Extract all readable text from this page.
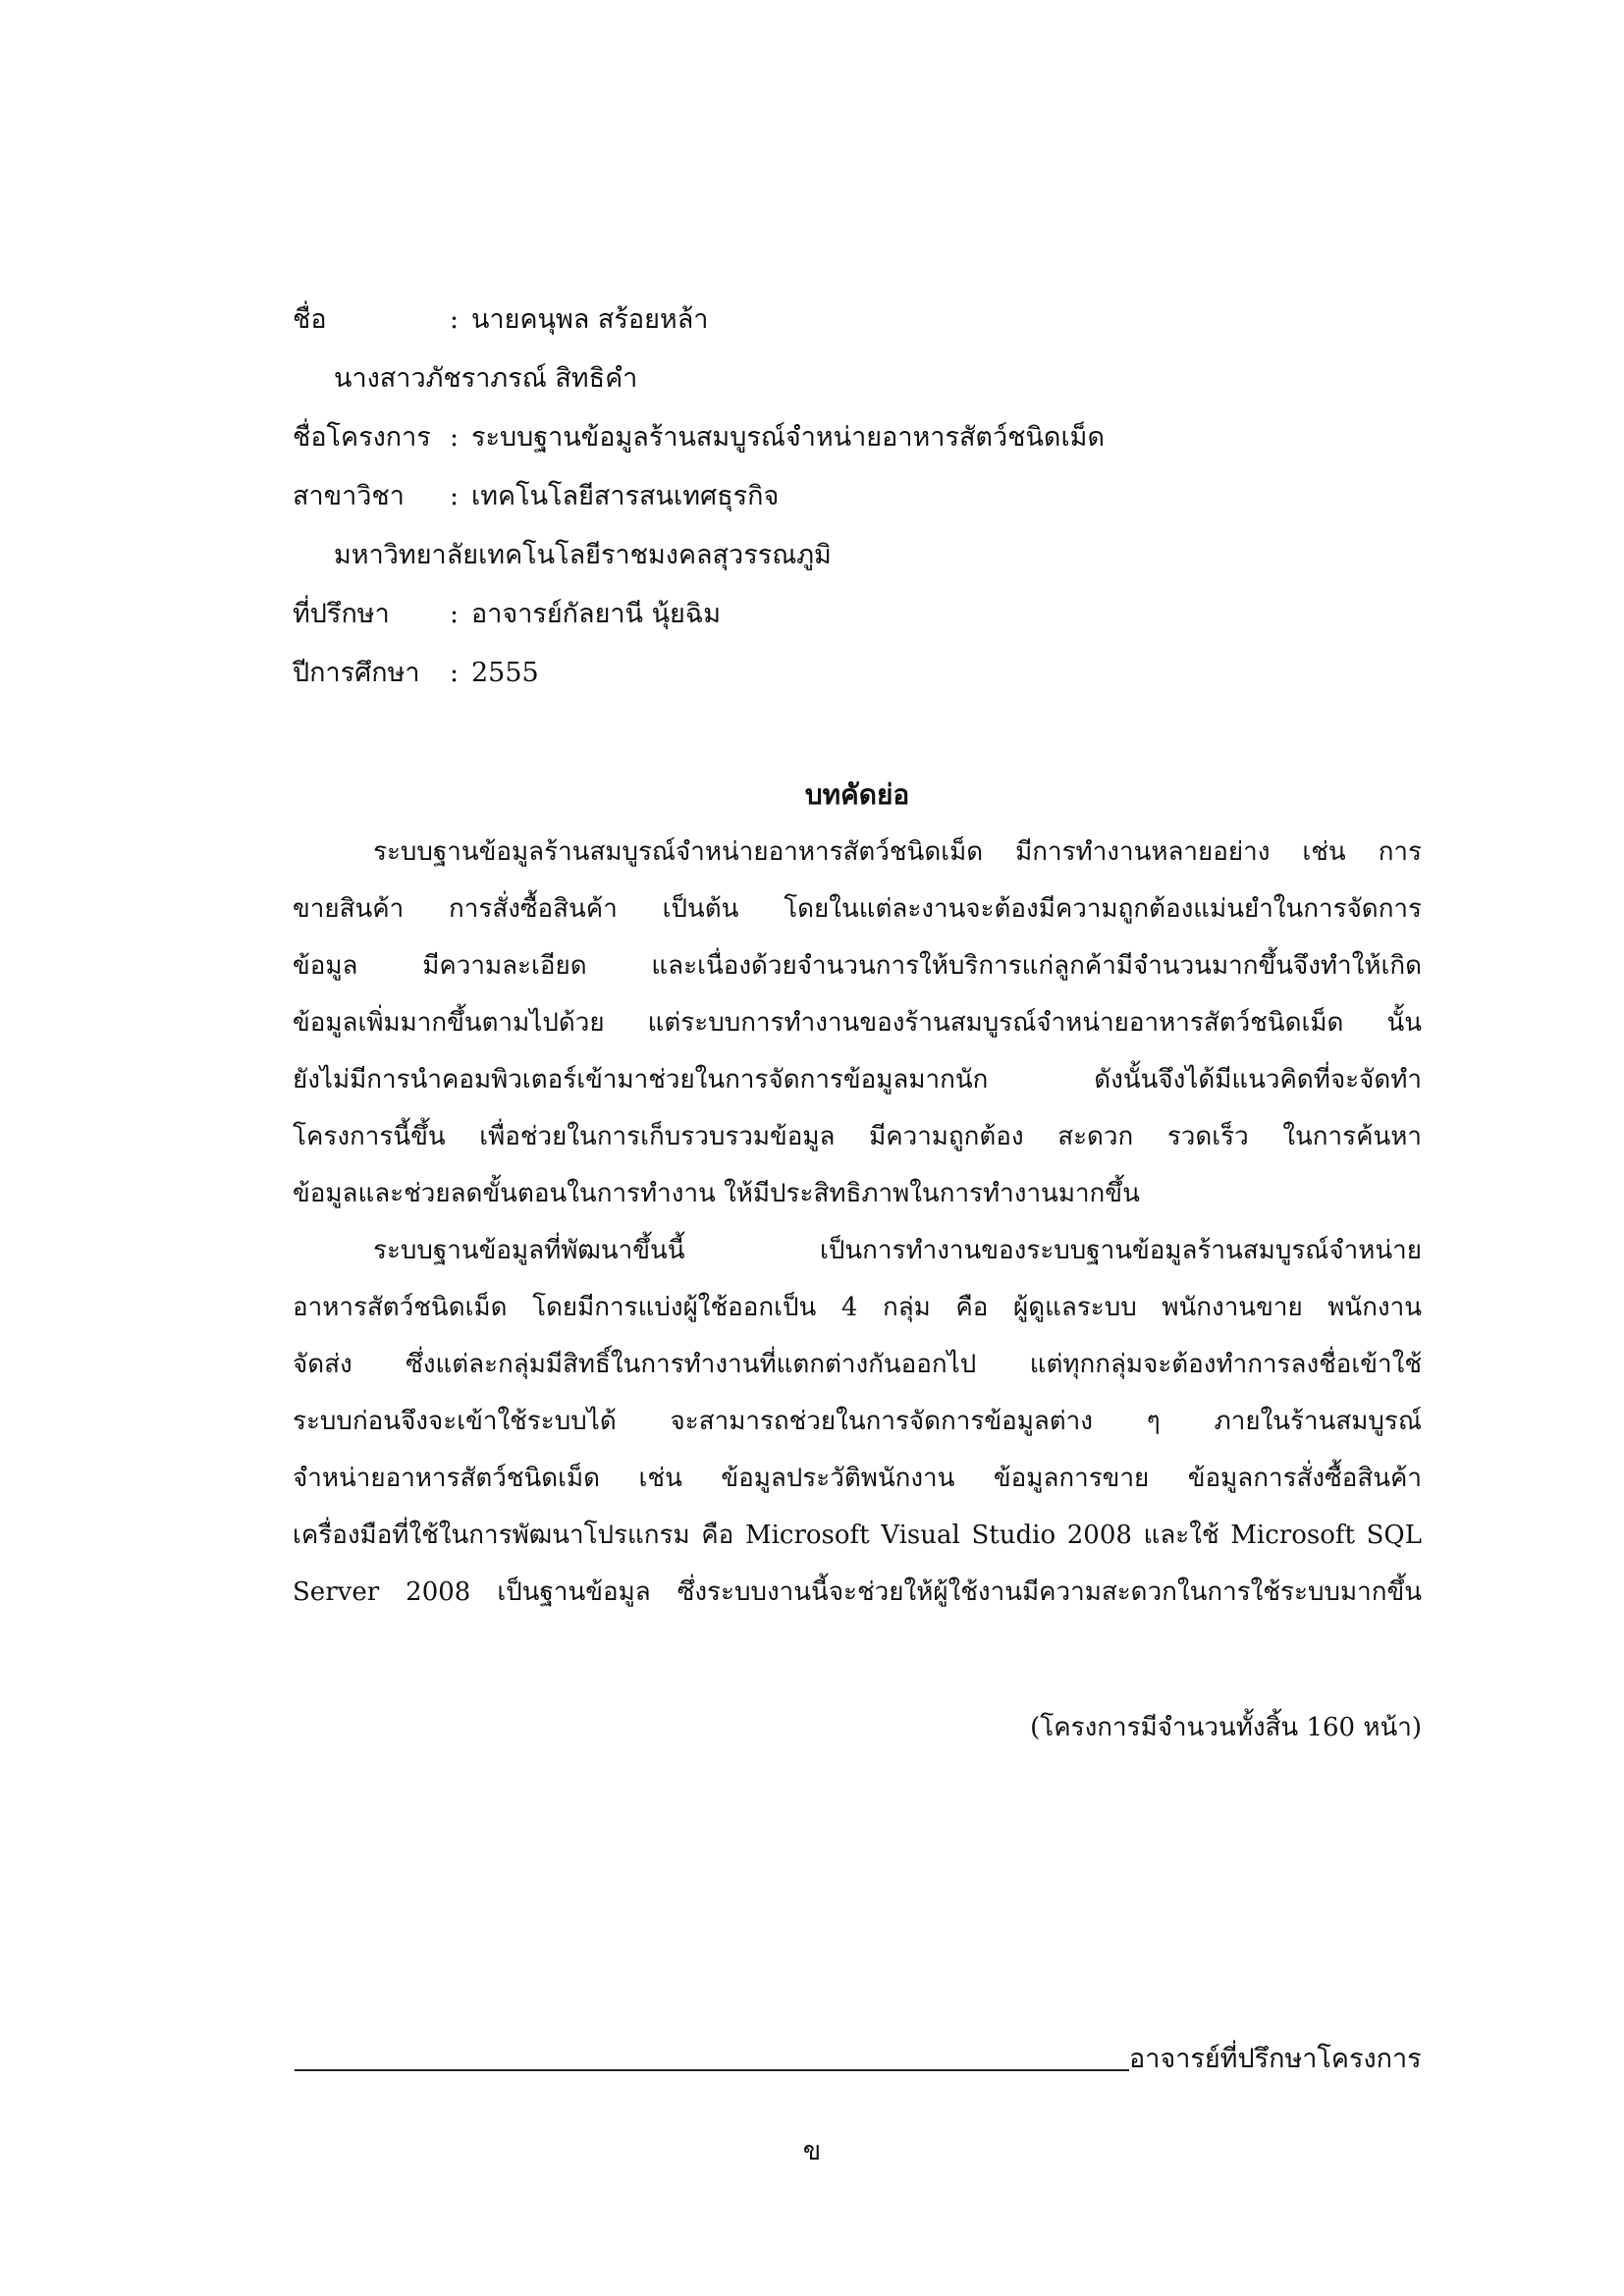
ชื่อ	: นายคนุพล สร้อยหล้า
นางสาวภัชราภรณ์ สิทธิคำ
ชื่อโครงการ : ระบบฐานข้อมูลร้านสมบูรณ์จำหน่ายอาหารสัตว์ชนิดเม็ด
สาขาวิชา : เทคโนโลยีสารสนเทศธุรกิจ
มหาวิทยาลัยเทคโนโลยีราชมงคลสุวรรณภูมิ
ที่ปรึกษา : อาจารย์กัลยานี นุ้ยฉิม
ปีการศึกษา : 2555
บทคัดย่อ
ระบบฐานข้อมูลร้านสมบูรณ์จำหน่ายอาหารสัตว์ชนิดเม็ด มีการทำงานหลายอย่าง เช่น การ
ขายสินค้า การสั่งซื้อสินค้า เป็นต้น โดยในแต่ละงานจะต้องมีความถูกต้องแม่นยำในการจัดการ
ข้อมูล มีความละเอียด และเนื่องด้วยจำนวนการให้บริการแก่ลูกค้ามีจำนวนมากขึ้นจึงทำให้เกิด
ข้อมูลเพิ่มมากขึ้นตามไปด้วย แต่ระบบการทำงานของร้านสมบูรณ์จำหน่ายอาหารสัตว์ชนิดเม็ด นั้น
ยังไม่มีการนำคอมพิวเตอร์เข้ามาช่วยในการจัดการข้อมูลมากนัก ดังนั้นจึงได้มีแนวคิดที่จะจัดทำ
โครงการนี้ขึ้น เพื่อช่วยในการเก็บรวบรวมข้อมูล มีความถูกต้อง สะดวก รวดเร็ว ในการค้นหา
ข้อมูลและช่วยลดขั้นตอนในการทำงาน ให้มีประสิทธิภาพในการทำงานมากขึ้น
ระบบฐานข้อมูลที่พัฒนาขึ้นนี้ เป็นการทำงานของระบบฐานข้อมูลร้านสมบูรณ์จำหน่าย
อาหารสัตว์ชนิดเม็ด โดยมีการแบ่งผู้ใช้ออกเป็น 4 กลุ่ม คือ ผู้ดูแลระบบ พนักงานขาย พนักงาน
จัดส่ง ซึ่งแต่ละกลุ่มมีสิทธิ์ในการทำงานที่แตกต่างกันออกไป แต่ทุกกลุ่มจะต้องทำการลงชื่อเข้าใช้
ระบบก่อนจึงจะเข้าใช้ระบบได้ จะสามารถช่วยในการจัดการข้อมูลต่าง ๆ ภายในร้านสมบูรณ์
จำหน่ายอาหารสัตว์ชนิดเม็ด เช่น ข้อมูลประวัติพนักงาน ข้อมูลการขาย ข้อมูลการสั่งซื้อสินค้า
เครื่องมือที่ใช้ในการพัฒนาโปรแกรม คือ Microsoft Visual Studio 2008 และใช้ Microsoft SQL
Server 2008 เป็นฐานข้อมูล ซึ่งระบบงานนี้จะช่วยให้ผู้ใช้งานมีความสะดวกในการใช้ระบบมากขึ้น
(โครงการมีจำนวนทั้งสิ้น 160 หน้า)
อาจารย์ที่ปรึกษาโครงการ
ข
